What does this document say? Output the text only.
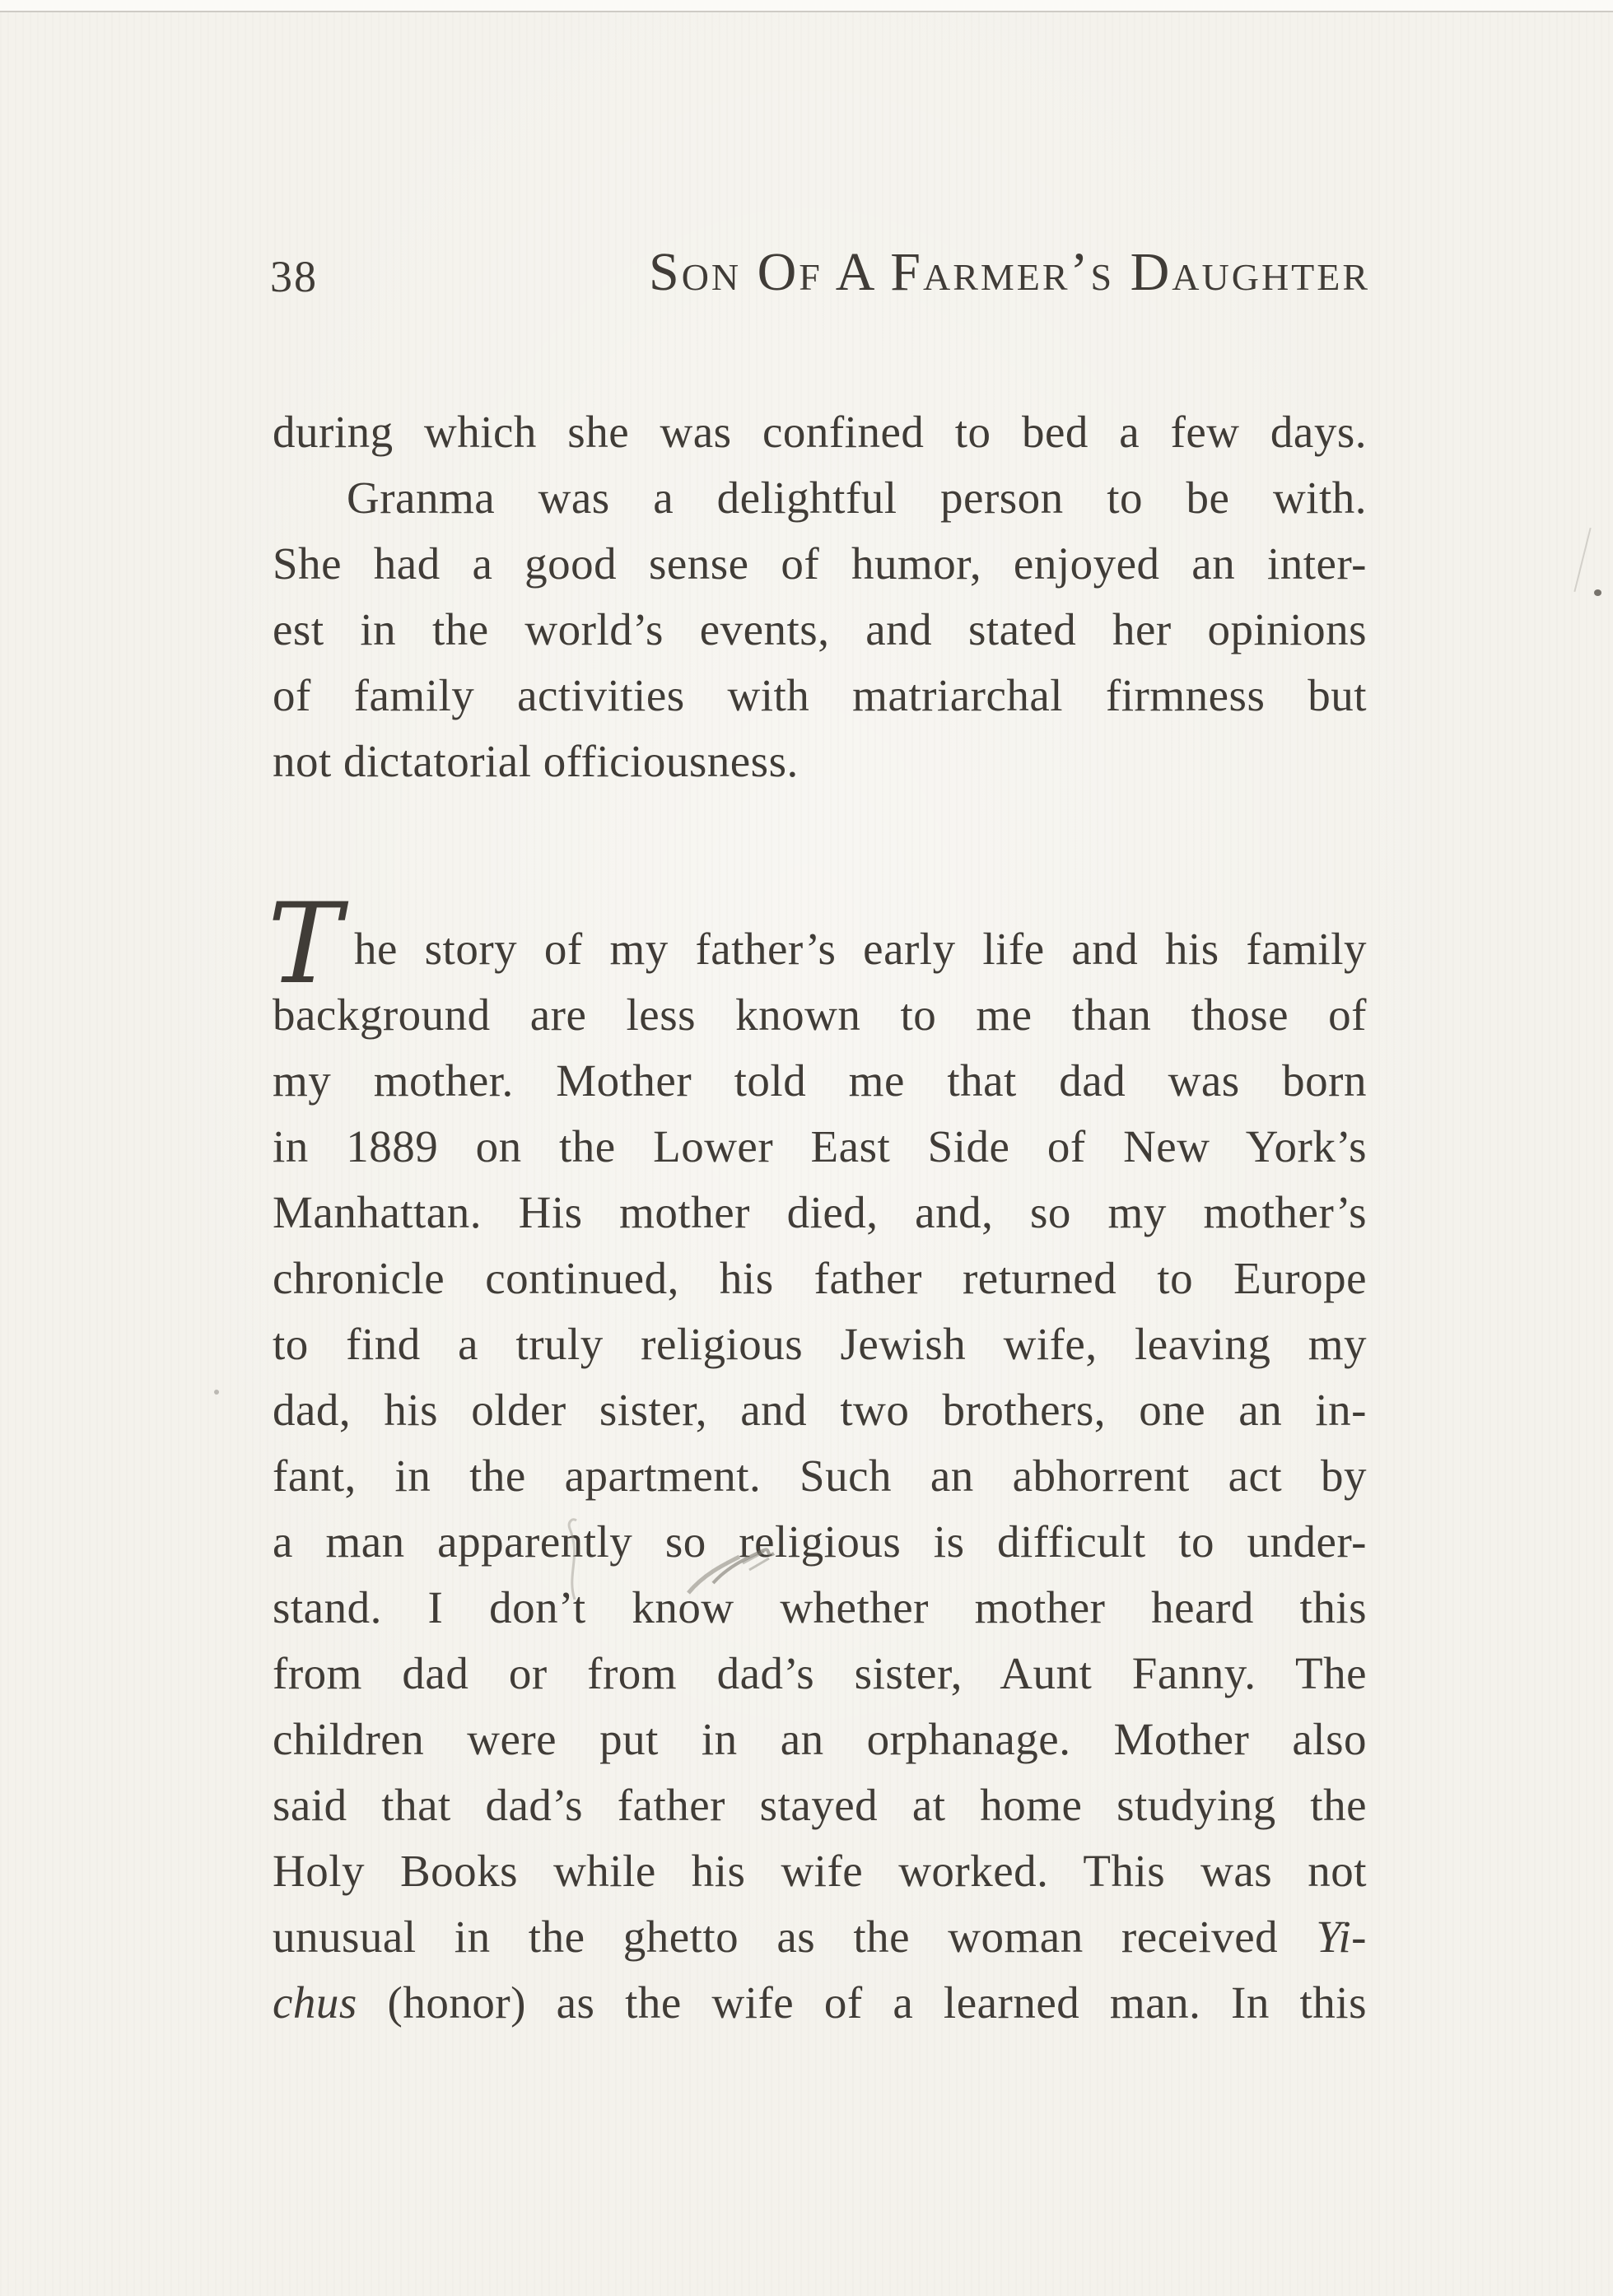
38	Son Of A Farmer’s Daughter
during which she was confined to bed a few days.
Granma was a delightful person to be with.
She had a good sense of humor, enjoyed an inter-
est in the world’s events, and stated her opinions
of family activities with matriarchal firmness but
not dictatorial officiousness.
T he story of my father’s early life and his family
background are less known to me than those of
my mother. Mother told me that dad was born
in 1889 on the Lower East Side of New York’s
Manhattan. His mother died, and, so my mother’s
chronicle continued, his father returned to Europe
to find a truly religious Jewish wife, leaving my
dad, his older sister, and two brothers, one an in-
fant, in the apartment. Such an abhorrent act by
a man apparently so religious is difficult to under-
stand. I don’t know whether mother heard this
from dad or from dad’s sister, Aunt Fanny. The
children were put in an orphanage. Mother also
said that dad’s father stayed at home studying the
Holy Books while his wife worked. This was not
unusual in the ghetto as the woman received Yi-
chus (honor) as the wife of a learned man. In this
